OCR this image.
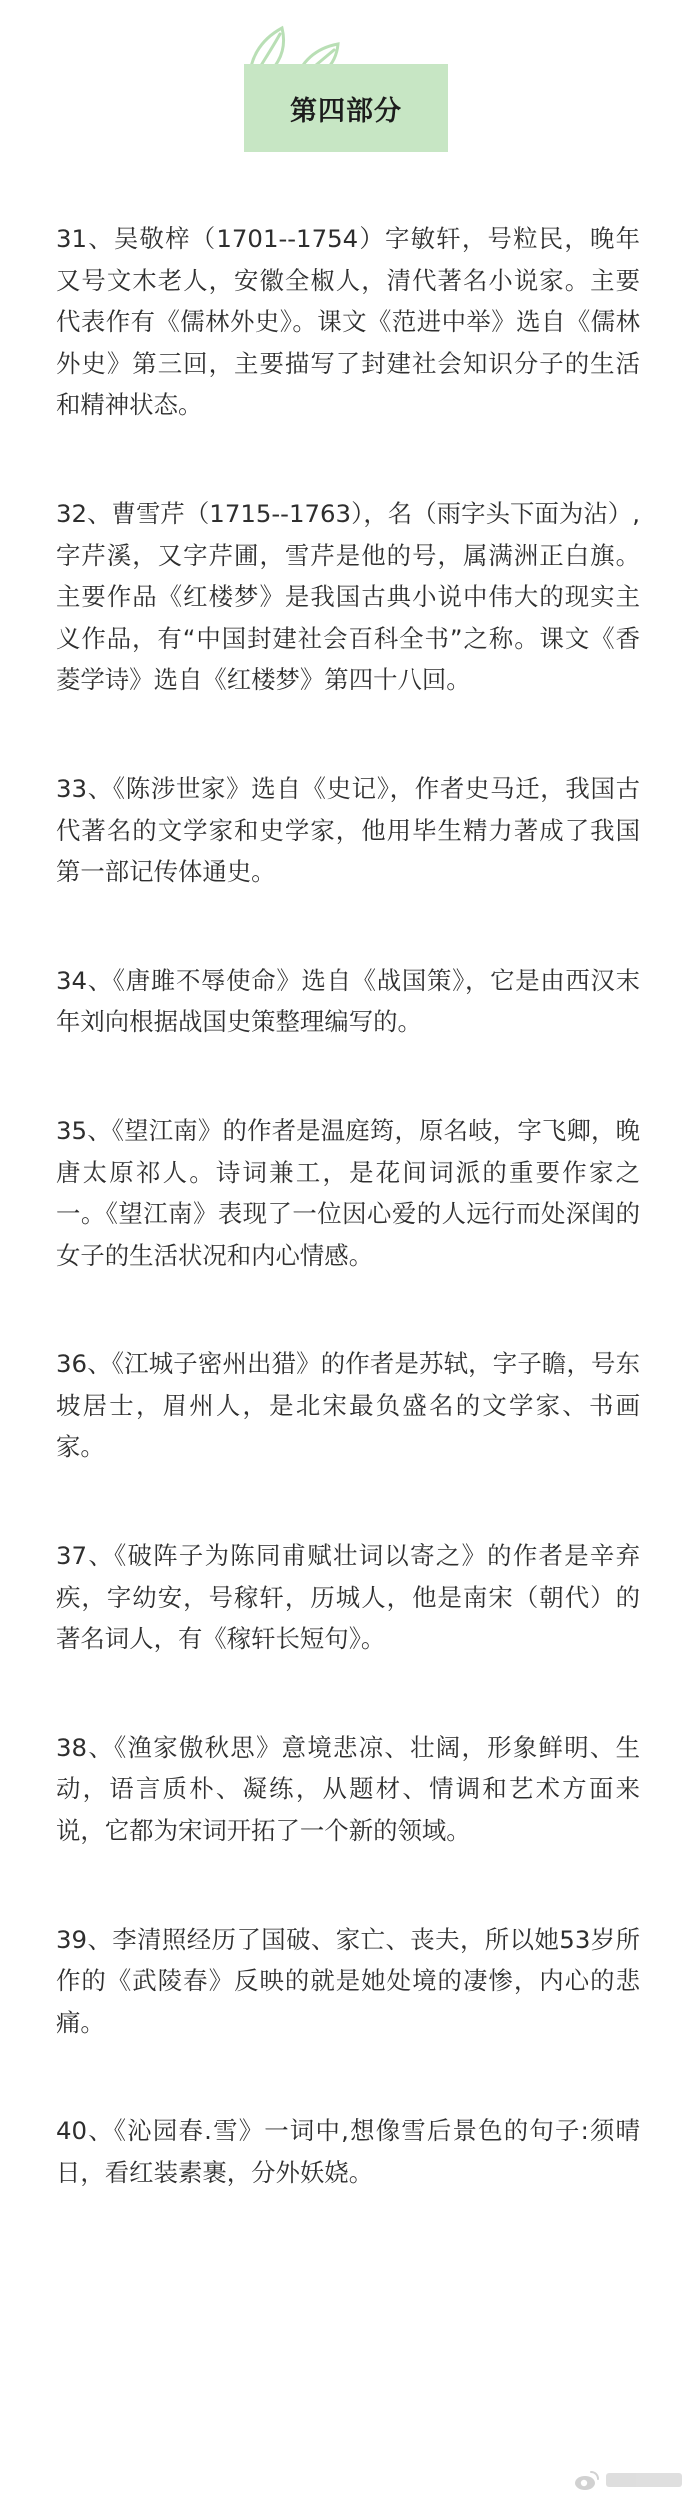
第四部分

31、吴敬梓（1701--1754）字敏轩，号粒民，晚年又号文木老人，安徽全椒人，清代著名小说家。主要代表作有《儒林外史》。课文《范进中举》选自《儒林外史》第三回，主要描写了封建社会知识分子的生活和精神状态。

32、曹雪芹（1715--1763），名（雨字头下面为沾）,字芹溪，又字芹圃，雪芹是他的号，属满洲正白旗。主要作品《红楼梦》是我国古典小说中伟大的现实主义作品，有“中国封建社会百科全书”之称。课文《香菱学诗》选自《红楼梦》第四十八回。

33、《陈涉世家》选自《史记》，作者史马迁，我国古代著名的文学家和史学家，他用毕生精力著成了我国第一部记传体通史。

34、《唐雎不辱使命》选自《战国策》，它是由西汉末年刘向根据战国史策整理编写的。

35、《望江南》的作者是温庭筠，原名岐，字飞卿，晚唐太原祁人。诗词兼工，是花间词派的重要作家之一。《望江南》表现了一位因心爱的人远行而处深闺的女子的生活状况和内心情感。

36、《江城子密州出猎》的作者是苏轼，字子瞻，号东坡居士，眉州人，是北宋最负盛名的文学家、书画家。

37、《破阵子为陈同甫赋壮词以寄之》的作者是辛弃疾，字幼安，号稼轩，历城人，他是南宋（朝代）的著名词人，有《稼轩长短句》。

38、《渔家傲秋思》意境悲凉、壮阔，形象鲜明、生动，语言质朴、凝练，从题材、情调和艺术方面来说，它都为宋词开拓了一个新的领域。

39、李清照经历了国破、家亡、丧夫，所以她53岁所作的《武陵春》反映的就是她处境的凄惨，内心的悲痛。

40、《沁园春.雪》一词中,想像雪后景色的句子:须晴日，看红装素裹，分外妖娆。
